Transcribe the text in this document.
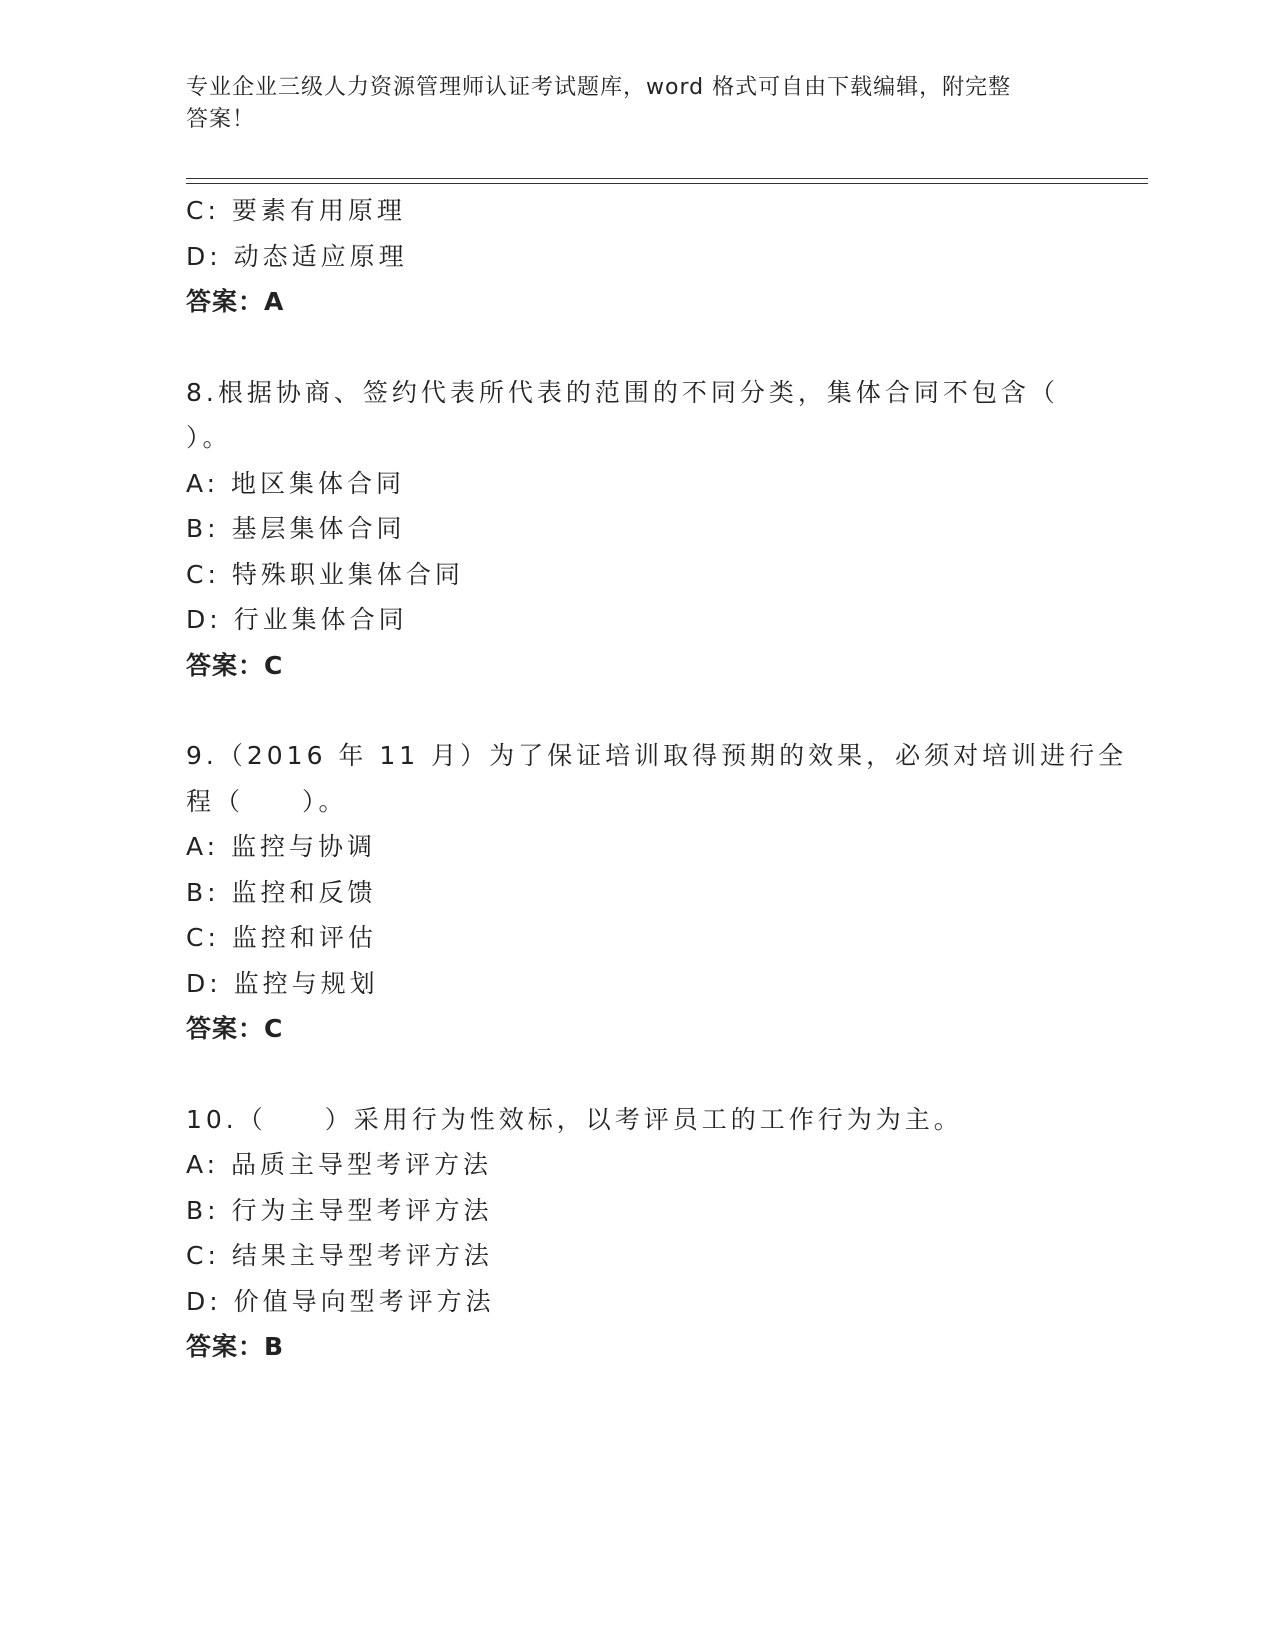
专业企业三级人力资源管理师认证考试题库，word 格式可自由下载编辑，附完整
答案！
C: 要素有用原理
D: 动态适应原理
答案：A
8.根据协商、签约代表所代表的范围的不同分类，集体合同不包含（
）。
A: 地区集体合同
B: 基层集体合同
C: 特殊职业集体合同
D: 行业集体合同
答案：C
9.（2016 年 11 月）为了保证培训取得预期的效果，必须对培训进行全
程（　　）。
A: 监控与协调
B: 监控和反馈
C: 监控和评估
D: 监控与规划
答案：C
10.（　　）采用行为性效标，以考评员工的工作行为为主。
A: 品质主导型考评方法
B: 行为主导型考评方法
C: 结果主导型考评方法
D: 价值导向型考评方法
答案：B
